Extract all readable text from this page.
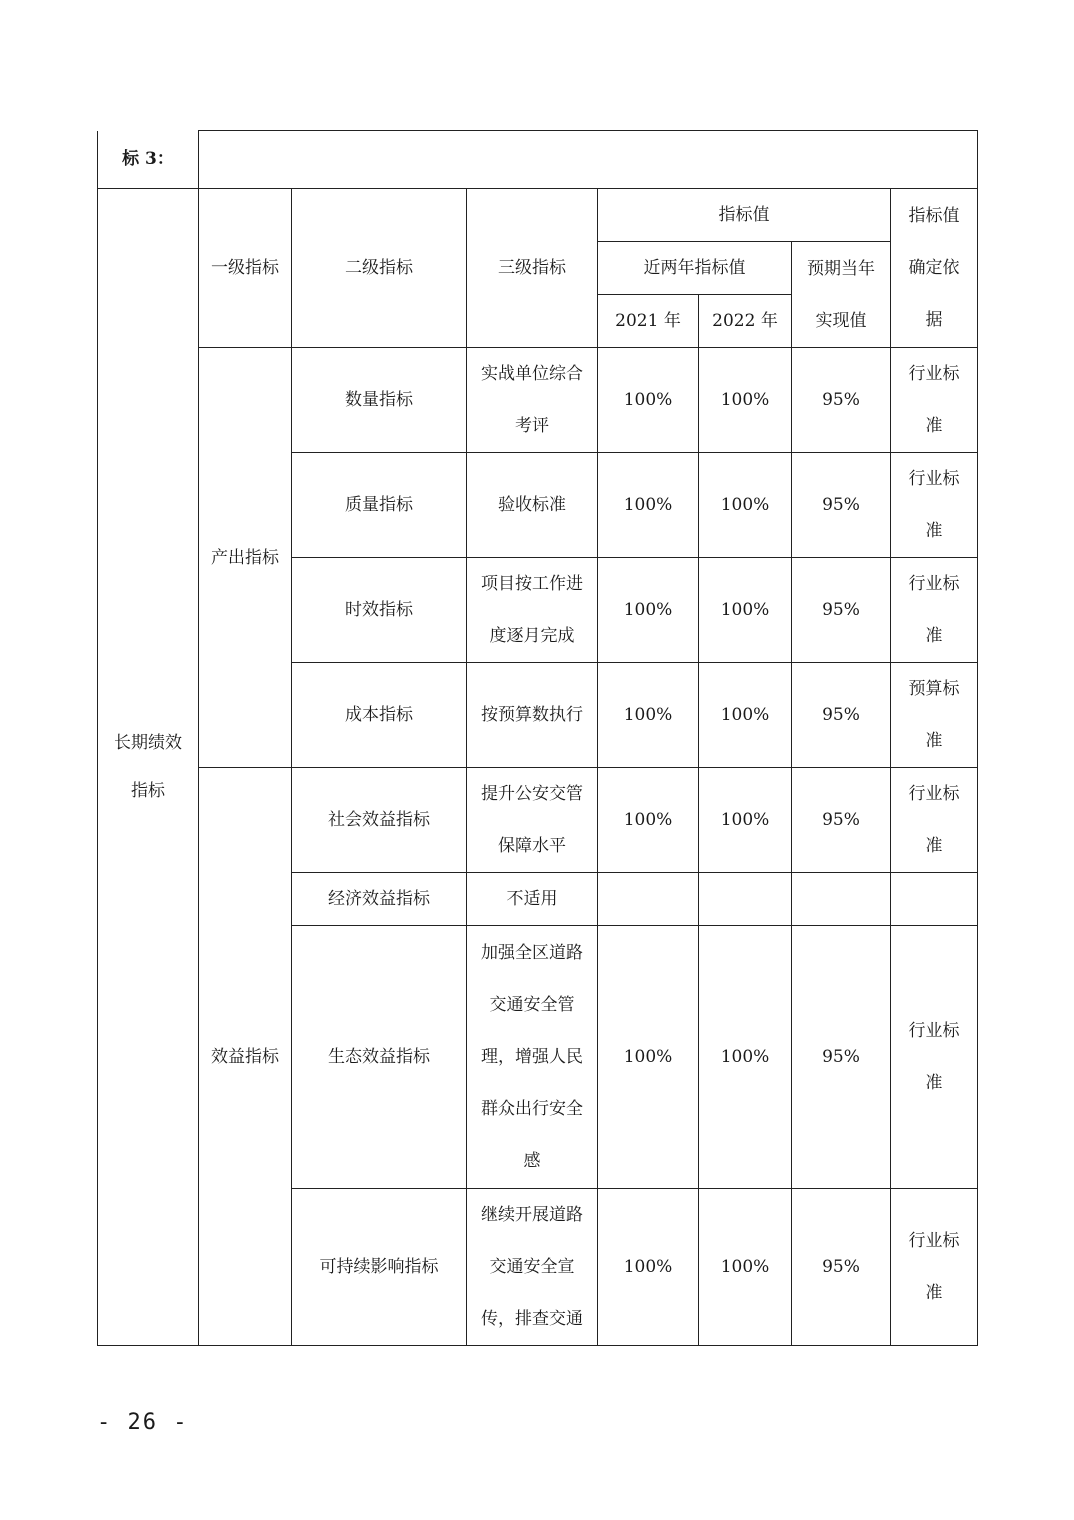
标 3：							

长期绩效指标	一级指标	二级指标	三级指标	指标值			指标值确定依据

				近两年指标值		预期当年实现值	

				2021 年	2022 年		
	产出指标	数量指标	实战单位综合考评	100%	100%	95%	行业标准

		质量指标	验收标准	100%	100%	95%	行业标准

		时效指标	项目按工作进度逐月完成	100%	100%	95%	行业标准

		成本指标	按预算数执行	100%	100%	95%	预算标准

	效益指标	社会效益指标	提升公安交管保障水平	100%	100%	95%	行业标准

		经济效益指标	不适用				
		生态效益指标	加强全区道路交通安全管理，增强人民群众出行安全感	100%	100%	95%	行业标准

		可持续影响指标	继续开展道路交通安全宣传，排查交通	100%	100%	95%	行业标准
- 26 -
